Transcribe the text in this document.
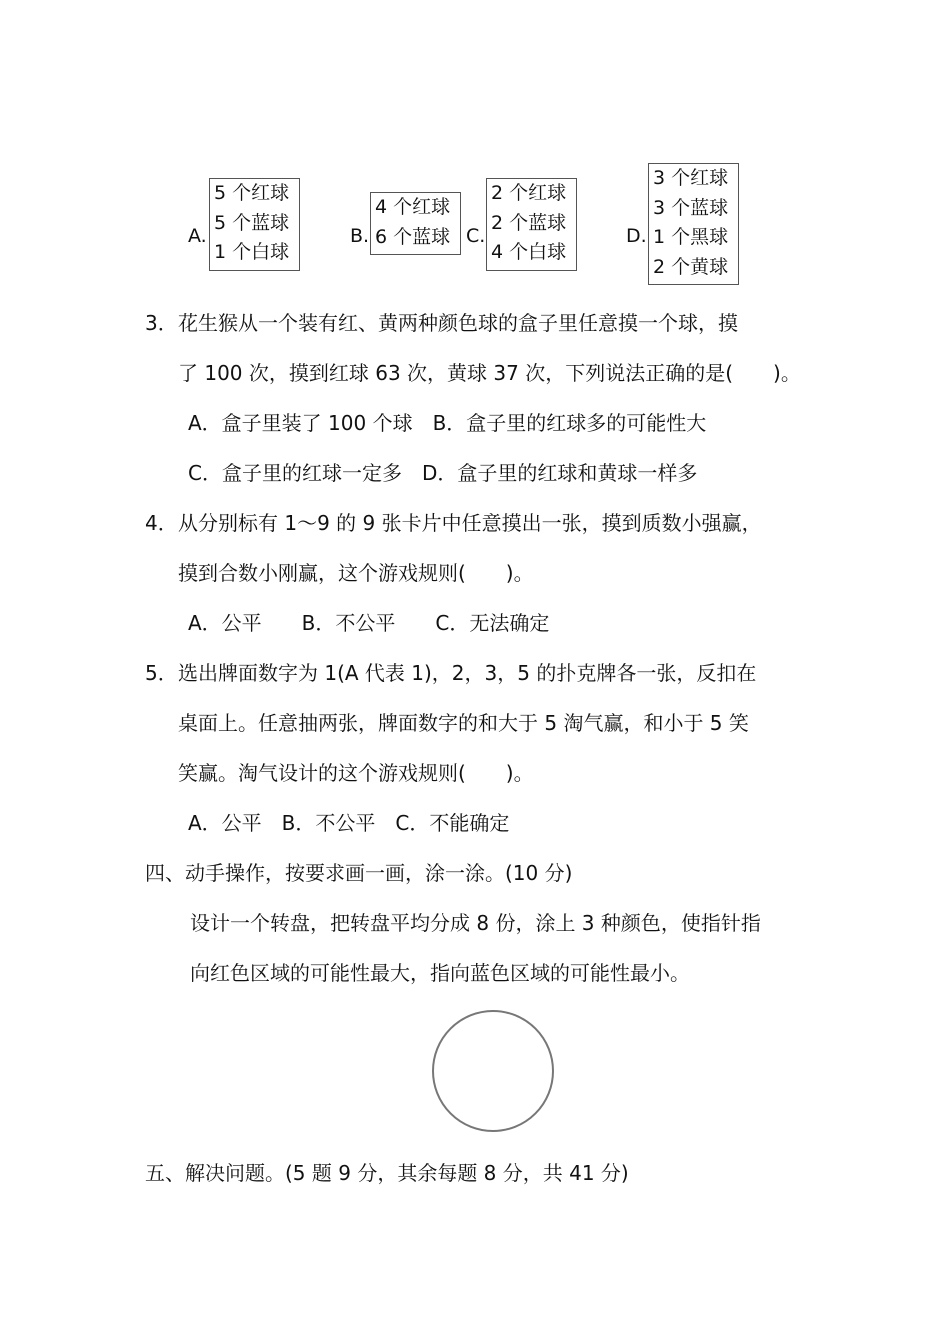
A.
5 个红球
5 个蓝球
1 个白球
B.
4 个红球
6 个蓝球 C.
2 个红球
2 个蓝球
4 个白球
D.
3 个红球
3 个蓝球
1 个黑球
2 个黄球
3． 花生猴从一个装有红、黄两种颜色球的盒子里任意摸一个球，摸
了 100 次，摸到红球 63 次，黄球 37 次，下列说法正确的是(　　)。
A．盒子里装了 100 个球　B．盒子里的红球多的可能性大
C．盒子里的红球一定多　D．盒子里的红球和黄球一样多
4． 从分别标有 1～9 的 9 张卡片中任意摸出一张，摸到质数小强赢，
摸到合数小刚赢，这个游戏规则(　　)。
A．公平　　B．不公平　　C．无法确定
5． 选出牌面数字为 1(A 代表 1)，2，3，5 的扑克牌各一张，反扣在
桌面上。任意抽两张，牌面数字的和大于 5 淘气赢，和小于 5 笑
笑赢。淘气设计的这个游戏规则(　　)。
A．公平　B．不公平　C．不能确定
四、动手操作，按要求画一画，涂一涂。(10 分)
设计一个转盘，把转盘平均分成 8 份，涂上 3 种颜色，使指针指
向红色区域的可能性最大，指向蓝色区域的可能性最小。
五、解决问题。(5 题 9 分，其余每题 8 分，共 41 分)
